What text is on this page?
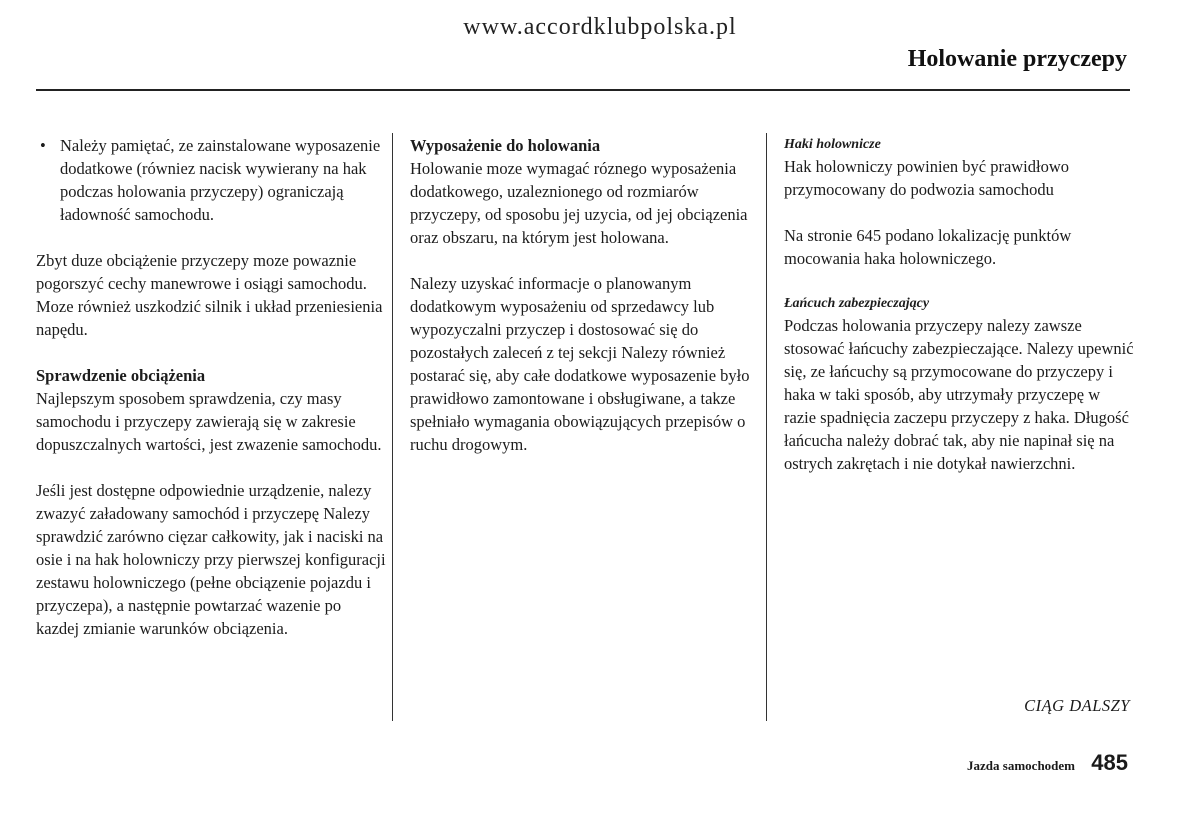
www.accordklubpolska.pl
Holowanie przyczepy
• Należy pamiętać, ze zainstalowane wyposazenie dodatkowe (równiez nacisk wywierany na hak podczas holowania przyczepy) ograniczają ładowność samochodu.

Zbyt duze obciążenie przyczepy moze powaznie pogorszyć cechy manewrowe i osiągi samochodu. Moze również uszkodzić silnik i układ przeniesienia napędu.

Sprawdzenie obciążenia

Najlepszym sposobem sprawdzenia, czy masy samochodu i przyczepy zawierają się w zakresie dopuszczalnych wartości, jest zwazenie samochodu.

Jeśli jest dostępne odpowiednie urządzenie, nalezy zwazyć załadowany samochód i przyczepę Nalezy sprawdzić zarówno cięzar całkowity, jak i naciski na osie i na hak holowniczy przy pierwszej konfiguracji zestawu holowniczego (pełne obciązenie pojazdu i przyczepa), a następnie powtarzać wazenie po kazdej zmianie warunków obciązenia.

Wyposażenie do holowania

Holowanie moze wymagać róznego wyposażenia dodatkowego, uzaleznionego od rozmiarów przyczepy, od sposobu jej uzycia, od jej obciązenia oraz obszaru, na którym jest holowana.

Nalezy uzyskać informacje o planowanym dodatkowym wyposażeniu od sprzedawcy lub wypozyczalni przyczep i dostosować się do pozostałych zaleceń z tej sekcji Nalezy również postarać się, aby całe dodatkowe wyposazenie było prawidłowo zamontowane i obsługiwane, a takze spełniało wymagania obowiązujących przepisów o ruchu drogowym.

Haki holownicze

Hak holowniczy powinien być prawidłowo przymocowany do podwozia samochodu

Na stronie 645 podano lokalizację punktów mocowania haka holowniczego.

Łańcuch zabezpieczający

Podczas holowania przyczepy nalezy zawsze stosować łańcuchy zabezpieczające. Nalezy upewnić się, ze łańcuchy są przymocowane do przyczepy i haka w taki sposób, aby utrzymały przyczepę w razie spadnięcia zaczepu przyczepy z haka. Długość łańcucha należy dobrać tak, aby nie napinał się na ostrych zakrętach i nie dotykał nawierzchni.

CIĄG DALSZY
Jazda samochodem 485
